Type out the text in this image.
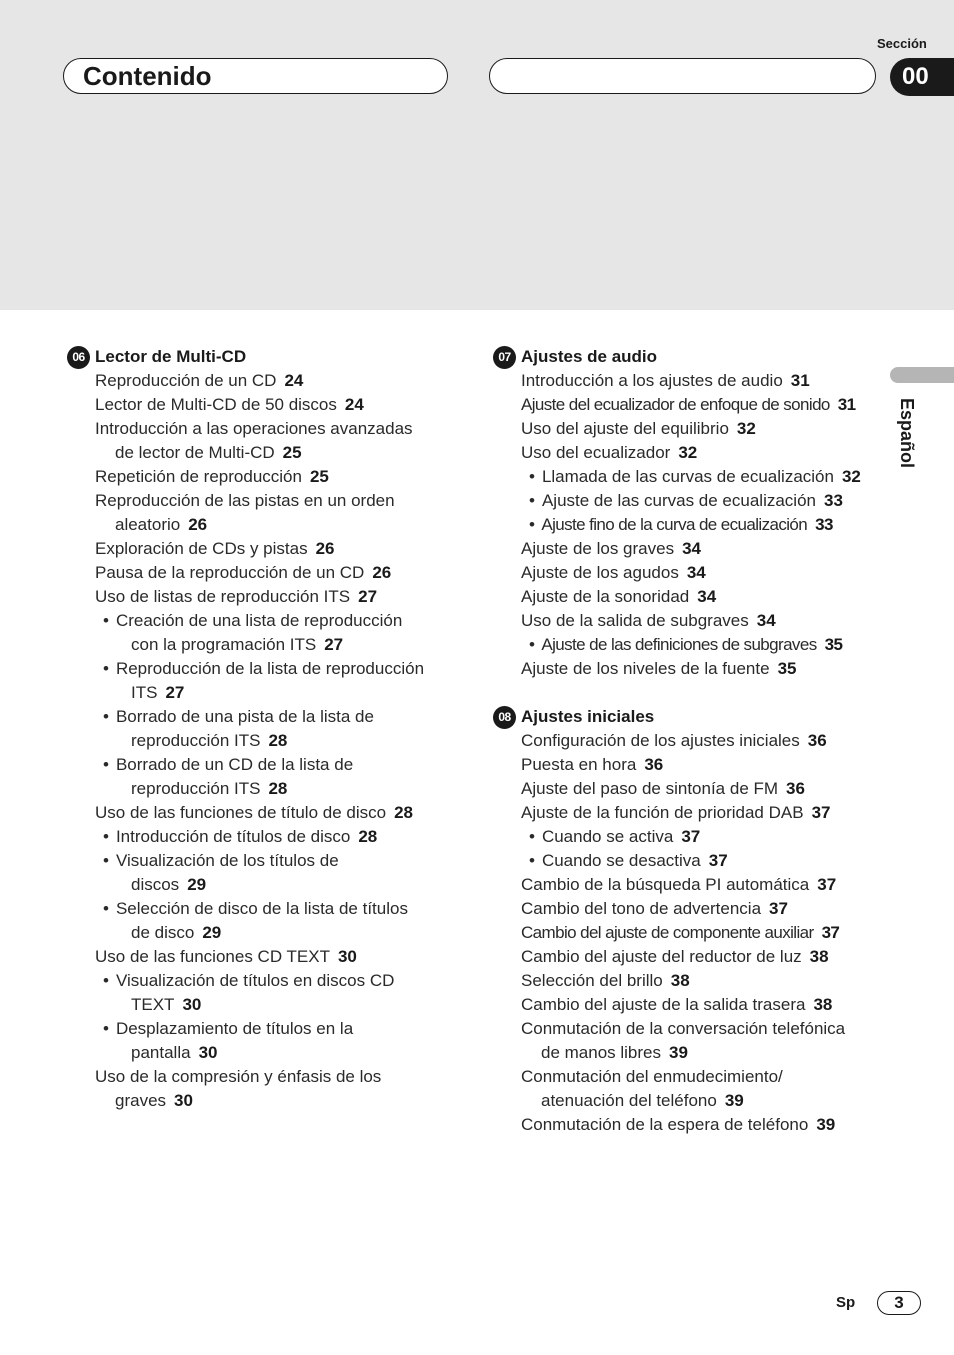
Sección
Contenido	00
Español
06 Lector de Multi-CD
Reproducción de un CD 24
Lector de Multi-CD de 50 discos 24
Introducción a las operaciones avanzadas
de lector de Multi-CD 25
Repetición de reproducción 25
Reproducción de las pistas en un orden
aleatorio 26
Exploración de CDs y pistas 26
Pausa de la reproducción de un CD 26
Uso de listas de reproducción ITS 27
• Creación de una lista de reproducción
con la programación ITS 27
• Reproducción de la lista de reproducción
ITS 27
• Borrado de una pista de la lista de
reproducción ITS 28
• Borrado de un CD de la lista de
reproducción ITS 28
Uso de las funciones de título de disco 28
• Introducción de títulos de disco 28
• Visualización de los títulos de
discos 29
• Selección de disco de la lista de títulos
de disco 29
Uso de las funciones CD TEXT 30
• Visualización de títulos en discos CD
TEXT 30
• Desplazamiento de títulos en la
pantalla 30
Uso de la compresión y énfasis de los
graves 30
07 Ajustes de audio
Introducción a los ajustes de audio 31
Ajuste del ecualizador de enfoque de sonido 31
Uso del ajuste del equilibrio 32
Uso del ecualizador 32
• Llamada de las curvas de ecualización 32
• Ajuste de las curvas de ecualización 33
• Ajuste fino de la curva de ecualización 33
Ajuste de los graves 34
Ajuste de los agudos 34
Ajuste de la sonoridad 34
Uso de la salida de subgraves 34
• Ajuste de las definiciones de subgraves 35
Ajuste de los niveles de la fuente 35
08 Ajustes iniciales
Configuración de los ajustes iniciales 36
Puesta en hora 36
Ajuste del paso de sintonía de FM 36
Ajuste de la función de prioridad DAB 37
• Cuando se activa 37
• Cuando se desactiva 37
Cambio de la búsqueda PI automática 37
Cambio del tono de advertencia 37
Cambio del ajuste de componente auxiliar 37
Cambio del ajuste del reductor de luz 38
Selección del brillo 38
Cambio del ajuste de la salida trasera 38
Conmutación de la conversación telefónica
de manos libres 39
Conmutación del enmudecimiento/
atenuación del teléfono 39
Conmutación de la espera de teléfono 39
Sp	3
